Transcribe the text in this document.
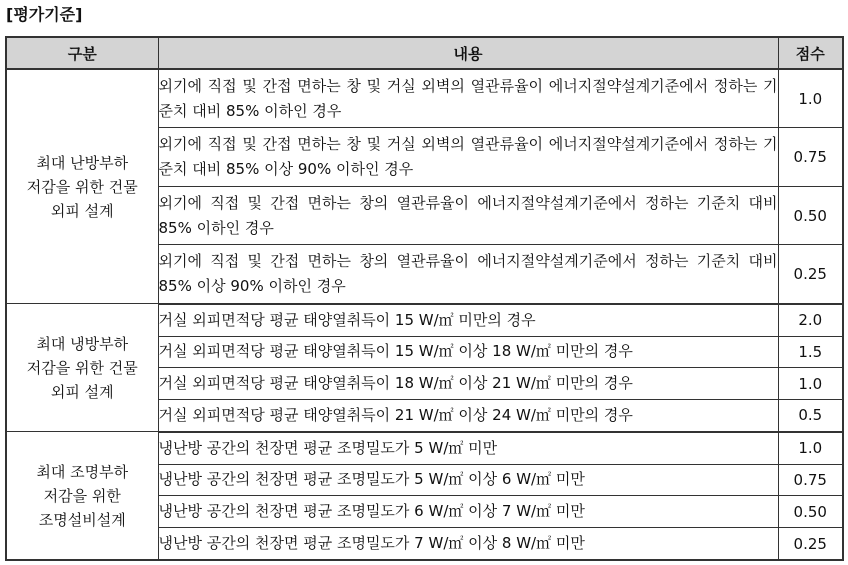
[평가기준]
구분	내용	점수
최대 난방부하
저감을 위한 건물
외피 설계	외기에 직접 및 간접 면하는 창 및 거실 외벽의 열관류율이 에너지절약설계기준에서 정하는 기준치 대비 85% 이하인 경우	1.0
	외기에 직접 및 간접 면하는 창 및 거실 외벽의 열관류율이 에너지절약설계기준에서 정하는 기준치 대비 85% 이상 90% 이하인 경우	0.75
	외기에 직접 및 간접 면하는 창의 열관류율이 에너지절약설계기준에서 정하는 기준치 대비 85% 이하인 경우	0.50
	외기에 직접 및 간접 면하는 창의 열관류율이 에너지절약설계기준에서 정하는 기준치 대비 85% 이상 90% 이하인 경우	0.25
최대 냉방부하
저감을 위한 건물
외피 설계	거실 외피면적당 평균 태양열취득이 15 W/㎡ 미만의 경우	2.0
	거실 외피면적당 평균 태양열취득이 15 W/㎡ 이상 18 W/㎡ 미만의 경우	1.5
	거실 외피면적당 평균 태양열취득이 18 W/㎡ 이상 21 W/㎡ 미만의 경우	1.0
	거실 외피면적당 평균 태양열취득이 21 W/㎡ 이상 24 W/㎡ 미만의 경우	0.5
최대 조명부하
저감을 위한
조명설비설계	냉난방 공간의 천장면 평균 조명밀도가 5 W/㎡ 미만	1.0
	냉난방 공간의 천장면 평균 조명밀도가 5 W/㎡ 이상 6 W/㎡ 미만	0.75
	냉난방 공간의 천장면 평균 조명밀도가 6 W/㎡ 이상 7 W/㎡ 미만	0.50
	냉난방 공간의 천장면 평균 조명밀도가 7 W/㎡ 이상 8 W/㎡ 미만	0.25
